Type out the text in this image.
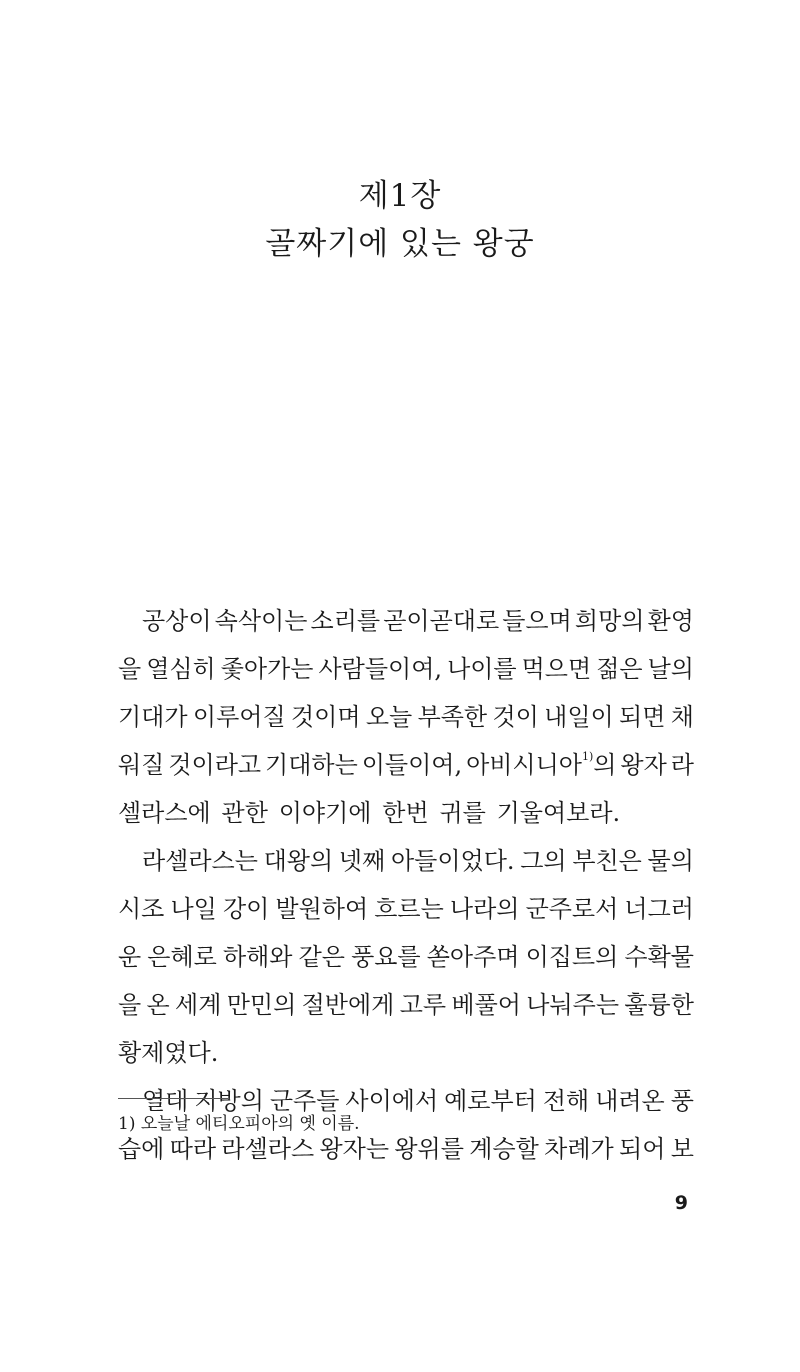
제1장
골짜기에 있는 왕궁
공상이 속삭이는 소리를 곧이곧대로 들으며 희망의 환영
을 열심히 좇아가는 사람들이여, 나이를 먹으면 젊은 날의
기대가 이루어질 것이며 오늘 부족한 것이 내일이 되면 채
워질 것이라고 기대하는 이들이여, 아비시니아$^{1)}$의 왕자 라
셀라스에 관한 이야기에 한번 귀를 기울여보라.
라셀라스는 대왕의 넷째 아들이었다. 그의 부친은 물의
시조 나일 강이 발원하여 흐르는 나라의 군주로서 너그러
운 은혜로 하해와 같은 풍요를 쏟아주며 이집트의 수확물
을 온 세계 만민의 절반에게 고루 베풀어 나눠주는 훌륭한
황제였다.
열대 지방의 군주들 사이에서 예로부터 전해 내려온 풍
습에 따라 라셀라스 왕자는 왕위를 계승할 차례가 되어 보
1) 오늘날 에티오피아의 옛 이름.
9
